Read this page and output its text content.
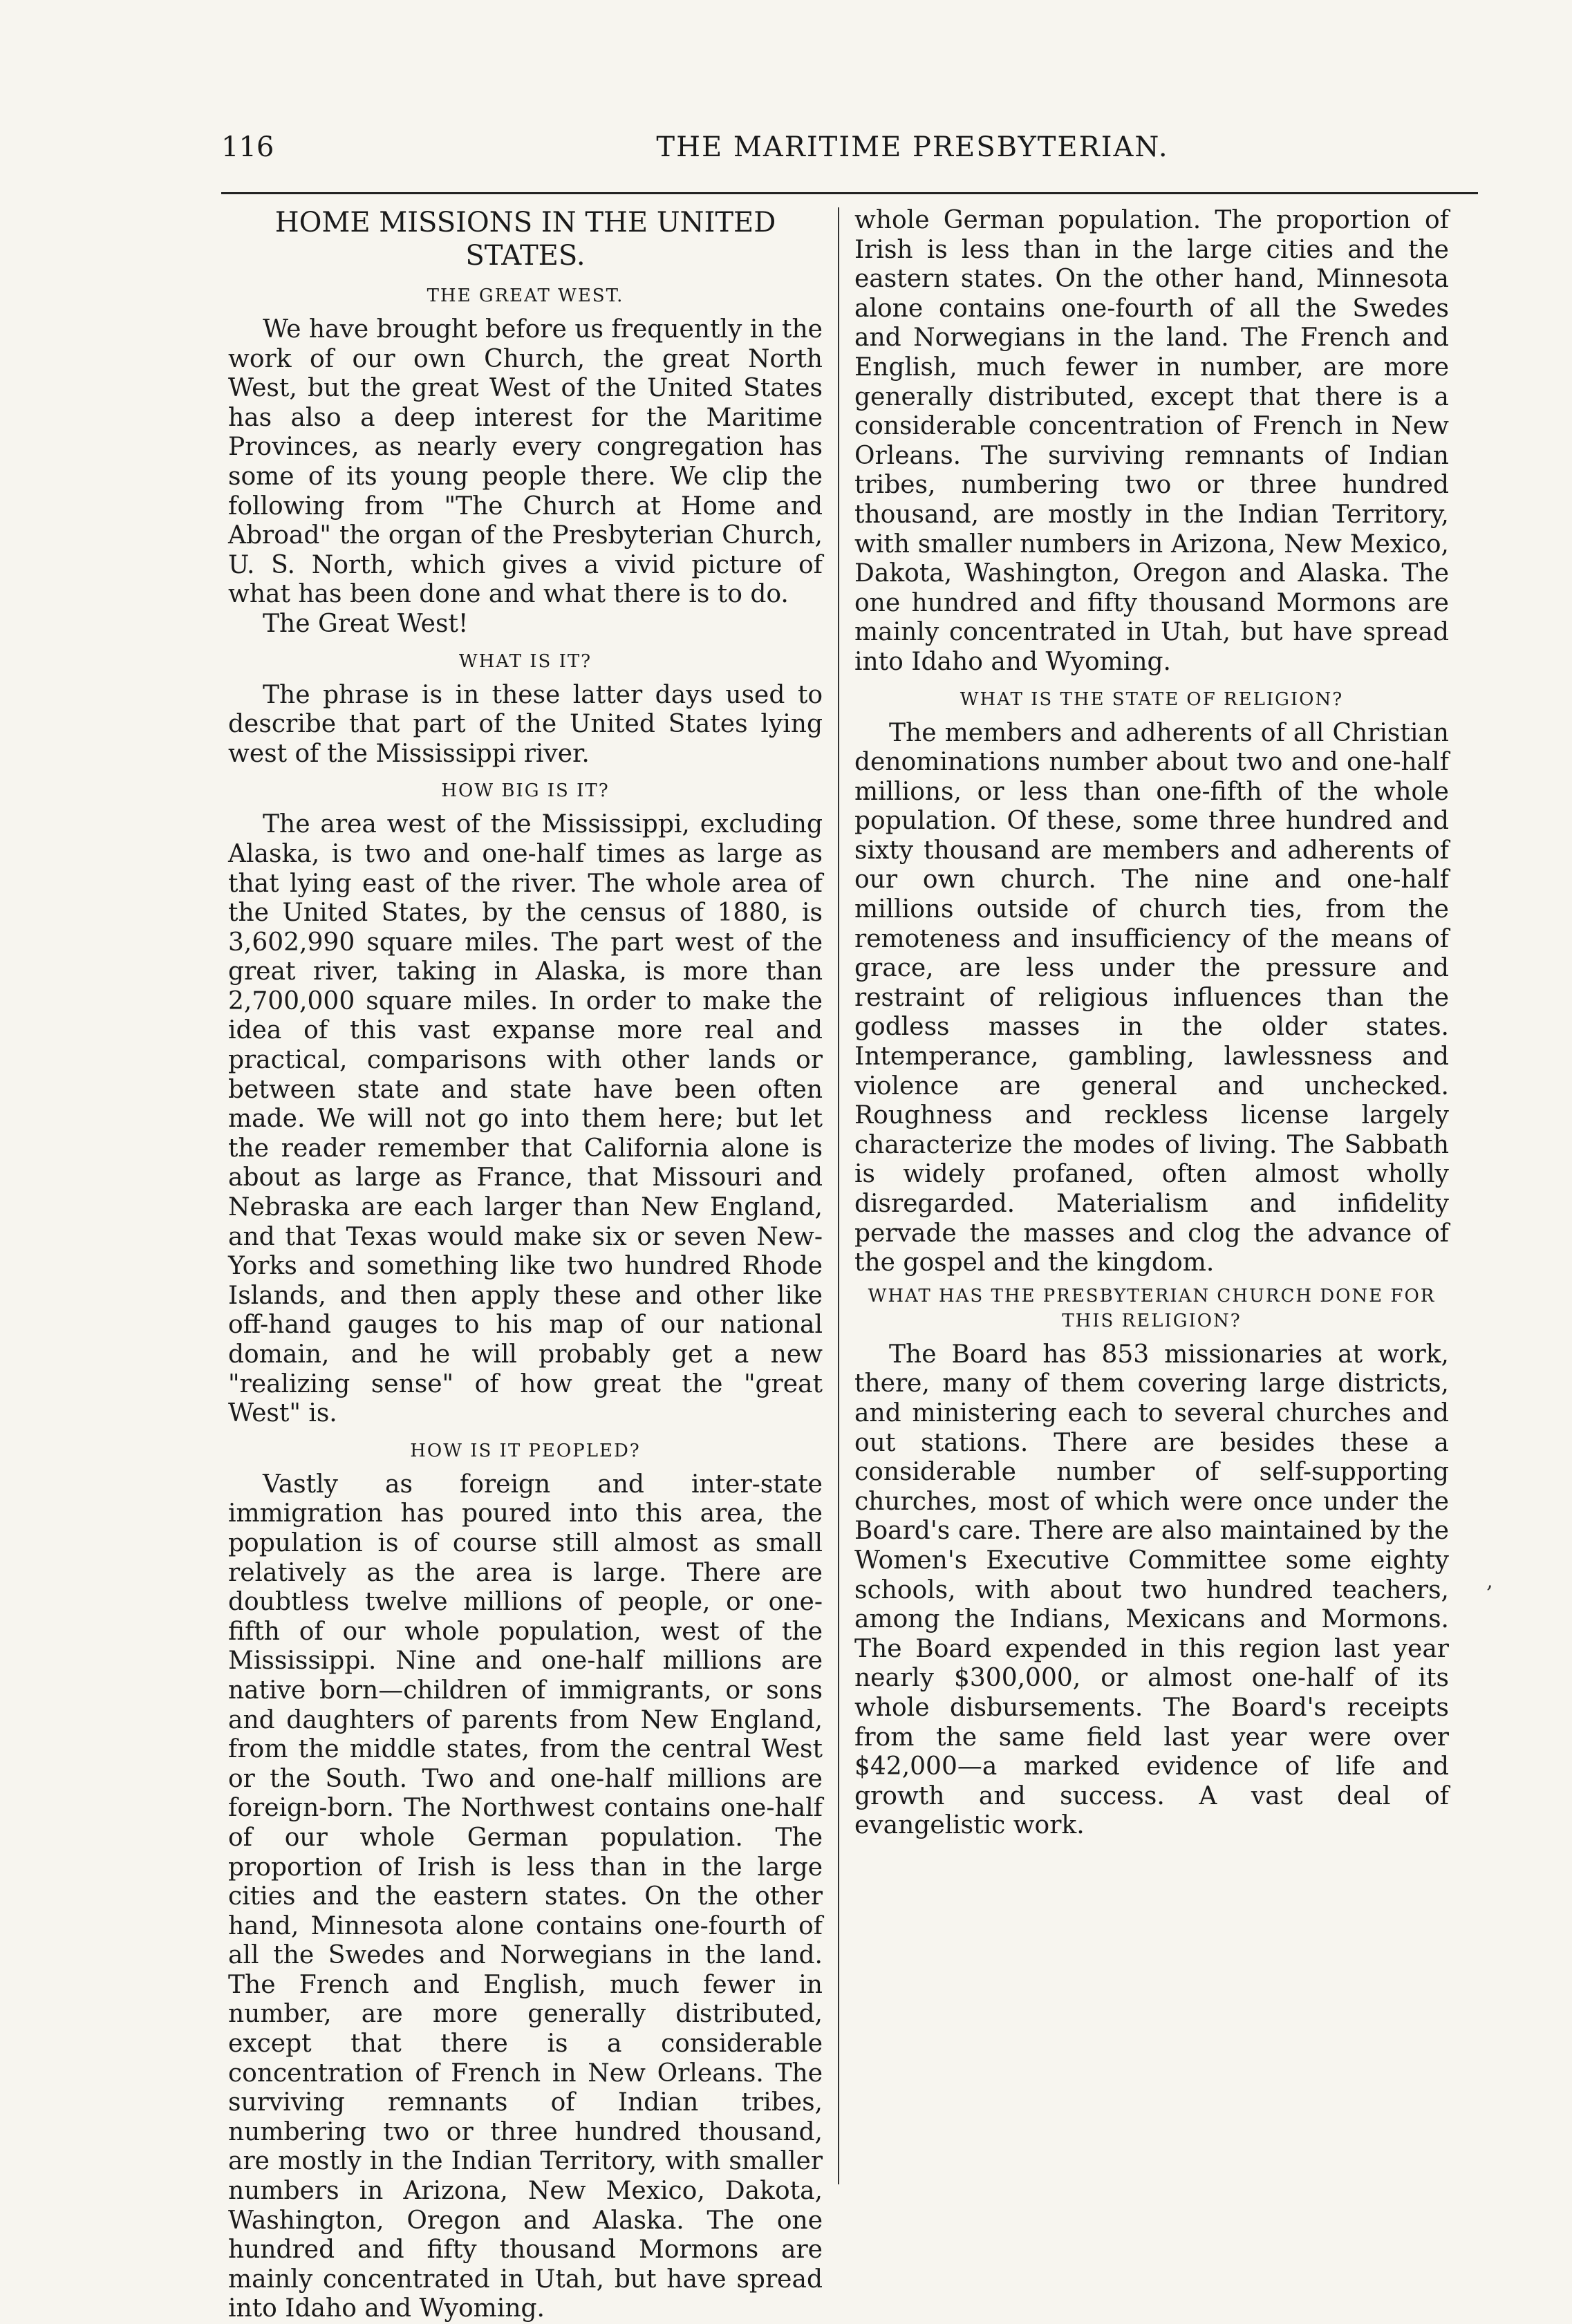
116	THE MARITIME PRESBYTERIAN.
HOME MISSIONS IN THE UNITED STATES.
THE GREAT WEST.

We have brought before us frequently in the work of our own Church, the great North West, but the great West of the United States has also a deep interest for the Maritime Provinces, as nearly every congregation has some of its young people there. We clip the following from "The Church at Home and Abroad" the organ of the Presbyterian Church, U. S. North, which gives a vivid picture of what has been done and what there is to do.

The Great West!

WHAT IS IT?

The phrase is in these latter days used to describe that part of the United States lying west of the Mississippi river.

HOW BIG IS IT?

The area west of the Mississippi, excluding Alaska, is two and one-half times as large as that lying east of the river. The whole area of the United States, by the census of 1880, is 3,602,990 square miles. The part west of the great river, taking in Alaska, is more than 2,700,000 square miles. In order to make the idea of this vast expanse more real and practical, comparisons with other lands or between state and state have been often made. We will not go into them here; but let the reader remember that California alone is about as large as France, that Missouri and Nebraska are each larger than New England, and that Texas would make six or seven New-Yorks and something like two hundred Rhode Islands, and then apply these and other like off-hand gauges to his map of our national domain, and he will probably get a new "realizing sense" of how great the "great West" is.

HOW IS IT PEOPLED?

Vastly as foreign and inter-state immigration has poured into this area, the population is of course still almost as small relatively as the area is large. There are doubtless twelve millions of people, or one-fifth of our whole population, west of the Mississippi. Nine and one-half millions are native born—children of immigrants, or sons and daughters of parents from New England, from the middle states, from the central West or the South. Two and one-half millions are foreign-born. The Northwest contains one-half of our whole German population. The proportion of Irish is less than in the large cities and the eastern states. On the other hand, Minnesota alone contains one-fourth of all the Swedes and Norwegians in the land. The French and English, much fewer in number, are more generally distributed, except that there is a considerable concentration of French in New Orleans. The surviving remnants of Indian tribes, numbering two or three hundred thousand, are mostly in the Indian Territory, with smaller numbers in Arizona, New Mexico, Dakota, Washington, Oregon and Alaska. The one hundred and fifty thousand Mormons are mainly concentrated in Utah, but have spread into Idaho and Wyoming.

whole German population. The proportion of Irish is less than in the large cities and the eastern states. On the other hand, Minnesota alone contains one-fourth of all the Swedes and Norwegians in the land. The French and English, much fewer in number, are more generally distributed, except that there is a considerable concentration of French in New Orleans. The surviving remnants of Indian tribes, numbering two or three hundred thousand, are mostly in the Indian Territory, with smaller numbers in Arizona, New Mexico, Dakota, Washington, Oregon and Alaska. The one hundred and fifty thousand Mormons are mainly concentrated in Utah, but have spread into Idaho and Wyoming.

WHAT IS THE STATE OF RELIGION?

The members and adherents of all Christian denominations number about two and one-half millions, or less than one-fifth of the whole population. Of these, some three hundred and sixty thousand are members and adherents of our own church. The nine and one-half millions outside of church ties, from the remoteness and insufficiency of the means of grace, are less under the pressure and restraint of religious influences than the godless masses in the older states. Intemperance, gambling, lawlessness and violence are general and unchecked. Roughness and reckless license largely characterize the modes of living. The Sabbath is widely profaned, often almost wholly disregarded. Materialism and infidelity pervade the masses and clog the advance of the gospel and the kingdom.

WHAT HAS THE PRESBYTERIAN CHURCH DONE FOR THIS RELIGION?

The Board has 853 missionaries at work, there, many of them covering large districts, and ministering each to several churches and out stations. There are besides these a considerable number of self-supporting churches, most of which were once under the Board's care. There are also maintained by the Women's Executive Committee some eighty schools, with about two hundred teachers, among the Indians, Mexicans and Mormons. The Board expended in this region last year nearly $300,000, or almost one-half of its whole disbursements. The Board's receipts from the same field last year were over $42,000—a marked evidence of life and growth and success. A vast deal of evangelistic work.

‚
